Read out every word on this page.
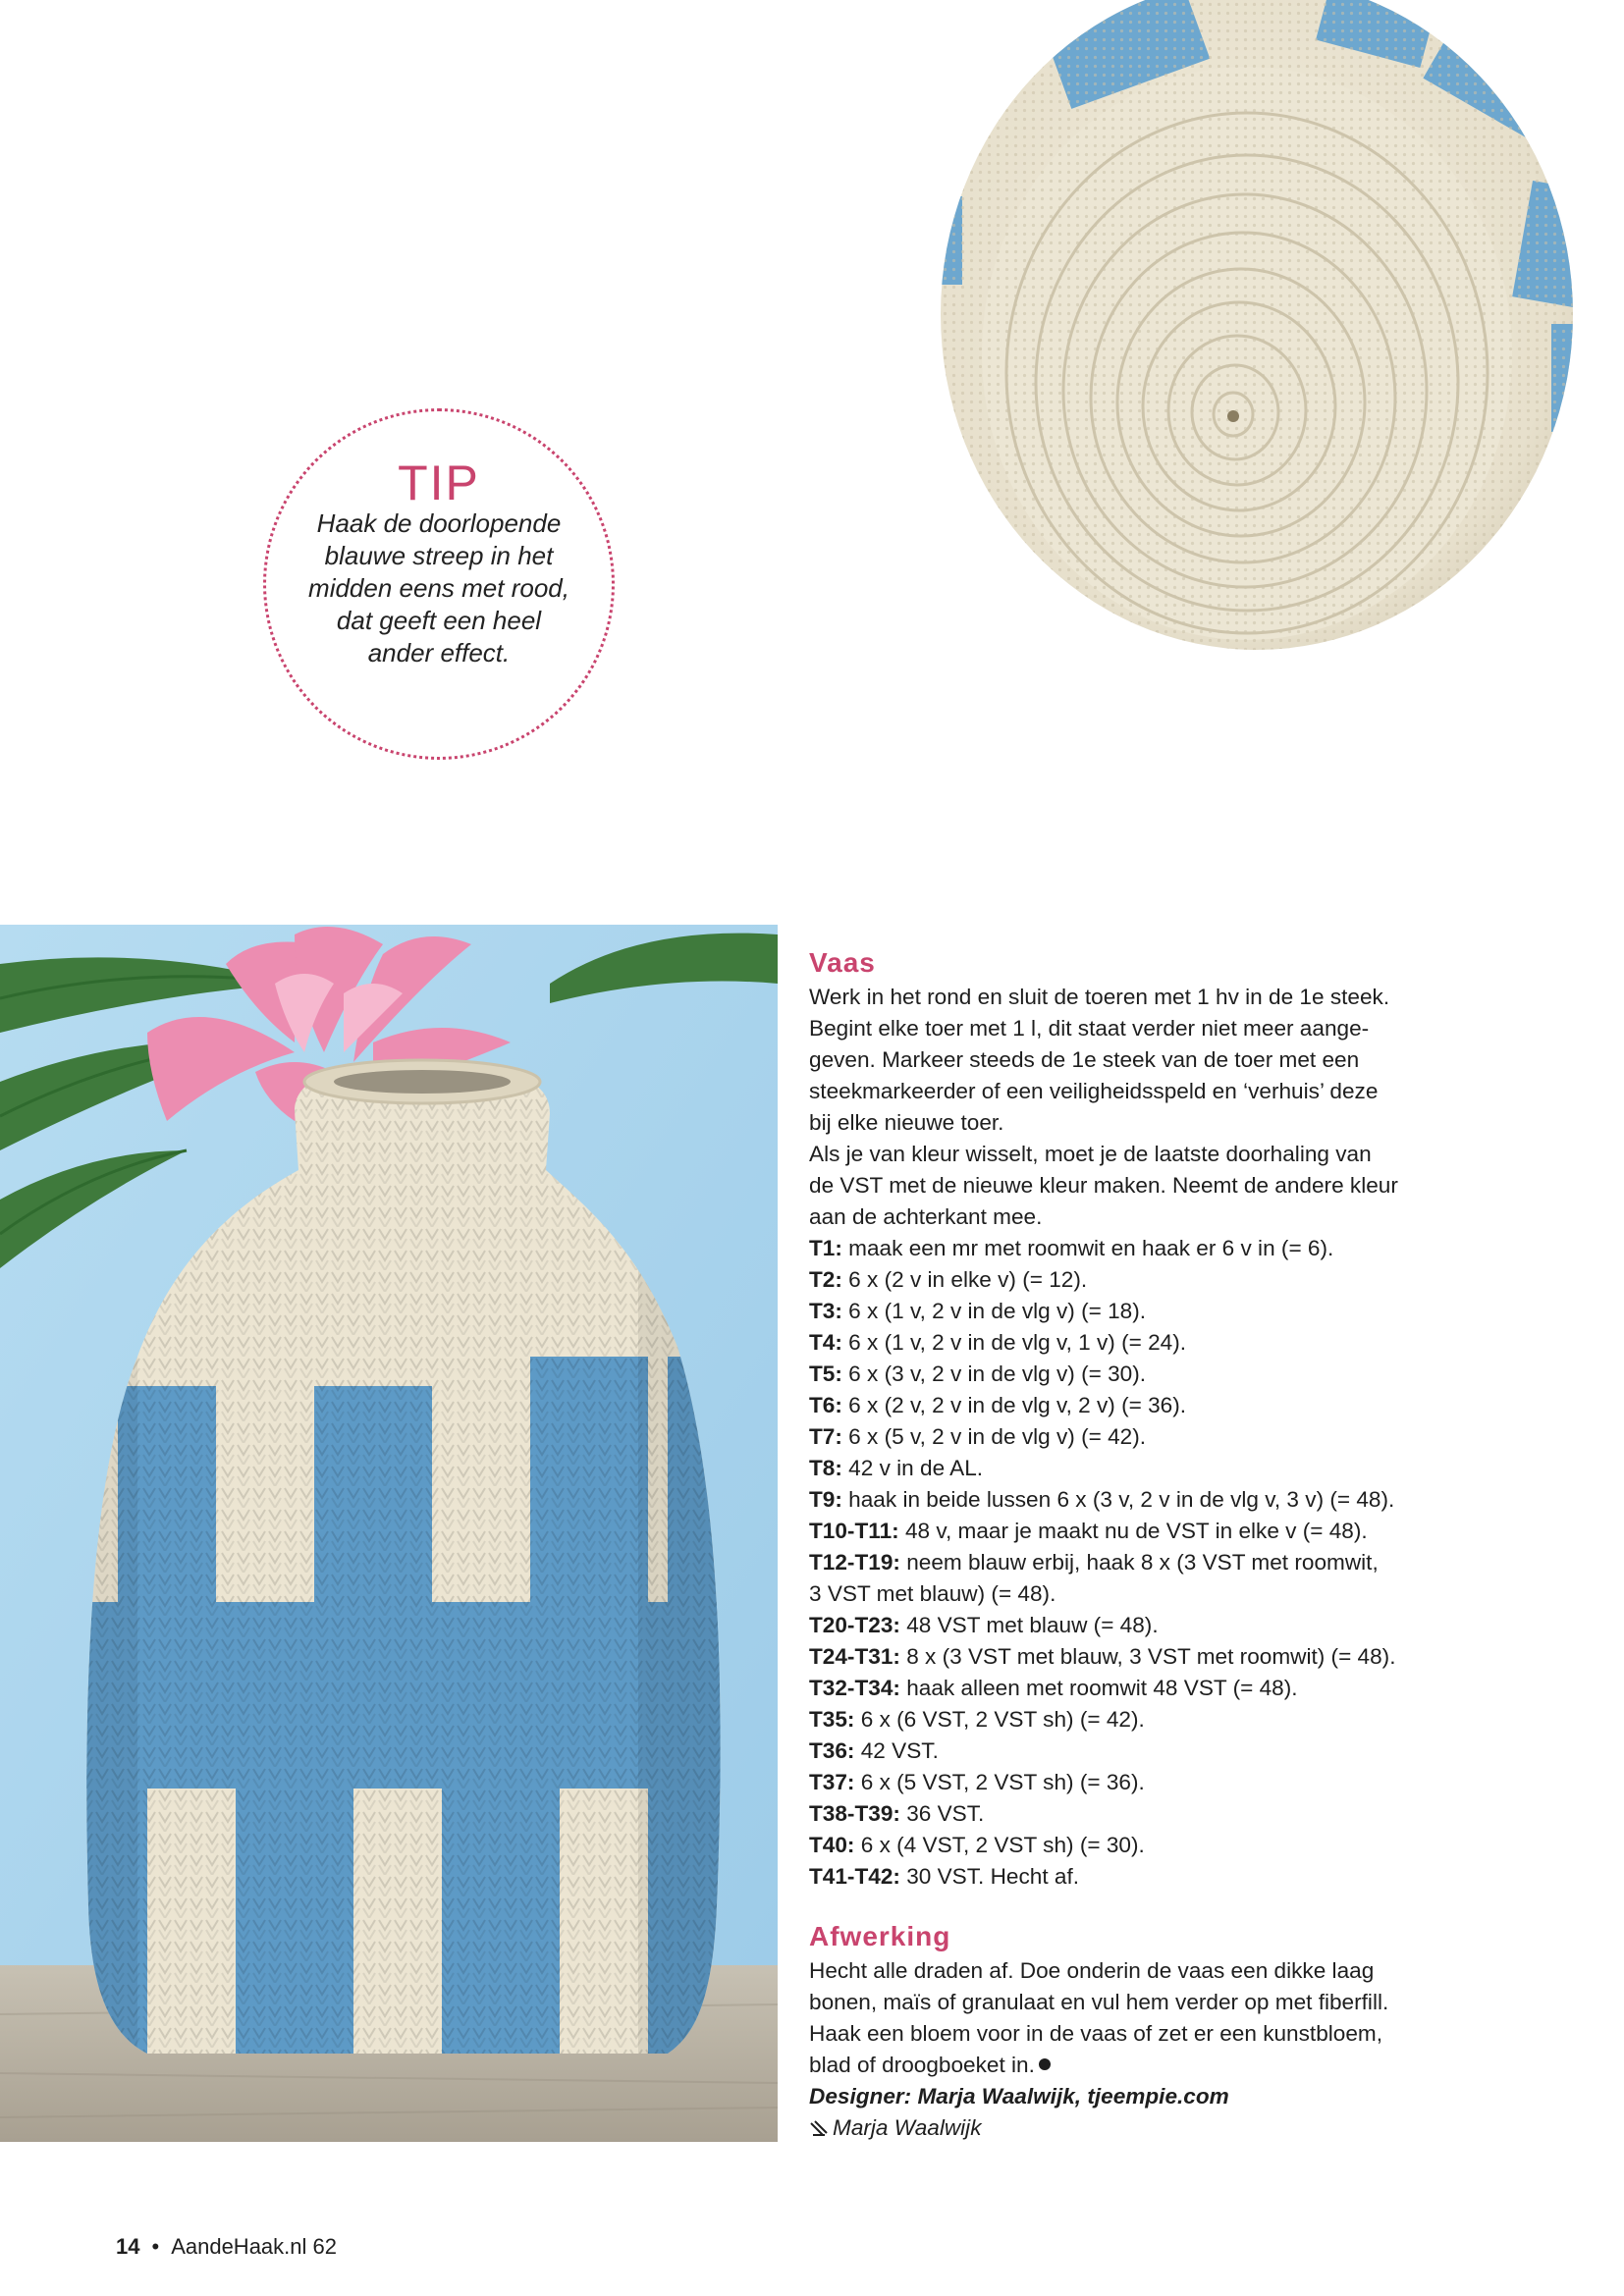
TIP
Haak de doorlopende blauwe streep in het midden eens met rood, dat geeft een heel ander effect.
Vaas

Werk in het rond en sluit de toeren met 1 hv in de 1e steek.

Begint elke toer met 1 l, dit staat verder niet meer aange-

geven. Markeer steeds de 1e steek van de toer met een

steekmarkeerder of een veiligheidsspeld en ‘verhuis’ deze

bij elke nieuwe toer.

Als je van kleur wisselt, moet je de laatste doorhaling van

de VST met de nieuwe kleur maken. Neemt de andere kleur

aan de achterkant mee.

T1: maak een mr met roomwit en haak er 6 v in (= 6).

T2: 6 x (2 v in elke v) (= 12).

T3: 6 x (1 v, 2 v in de vlg v) (= 18).

T4: 6 x (1 v, 2 v in de vlg v, 1 v) (= 24).

T5: 6 x (3 v, 2 v in de vlg v) (= 30).

T6: 6 x (2 v, 2 v in de vlg v, 2 v) (= 36).

T7: 6 x (5 v, 2 v in de vlg v) (= 42).

T8: 42 v in de AL.

T9: haak in beide lussen 6 x (3 v, 2 v in de vlg v, 3 v) (= 48).

T10-T11: 48 v, maar je maakt nu de VST in elke v (= 48).

T12-T19: neem blauw erbij, haak 8 x (3 VST met roomwit,

3 VST met blauw) (= 48).

T20-T23: 48 VST met blauw (= 48).

T24-T31: 8 x (3 VST met blauw, 3 VST met roomwit) (= 48).

T32-T34: haak alleen met roomwit 48 VST (= 48).

T35: 6 x (6 VST, 2 VST sh) (= 42).

T36: 42 VST.

T37: 6 x (5 VST, 2 VST sh) (= 36).

T38-T39: 36 VST.

T40: 6 x (4 VST, 2 VST sh) (= 30).

T41-T42: 30 VST. Hecht af.

Afwerking

Hecht alle draden af. Doe onderin de vaas een dikke laag

bonen, maïs of granulaat en vul hem verder op met fiberfill.

Haak een bloem voor in de vaas of zet er een kunstbloem,

blad of droogboeket in.

Designer: Marja Waalwijk, tjeempie.com

Marja Waalwijk

14 • AandeHaak.nl 62
